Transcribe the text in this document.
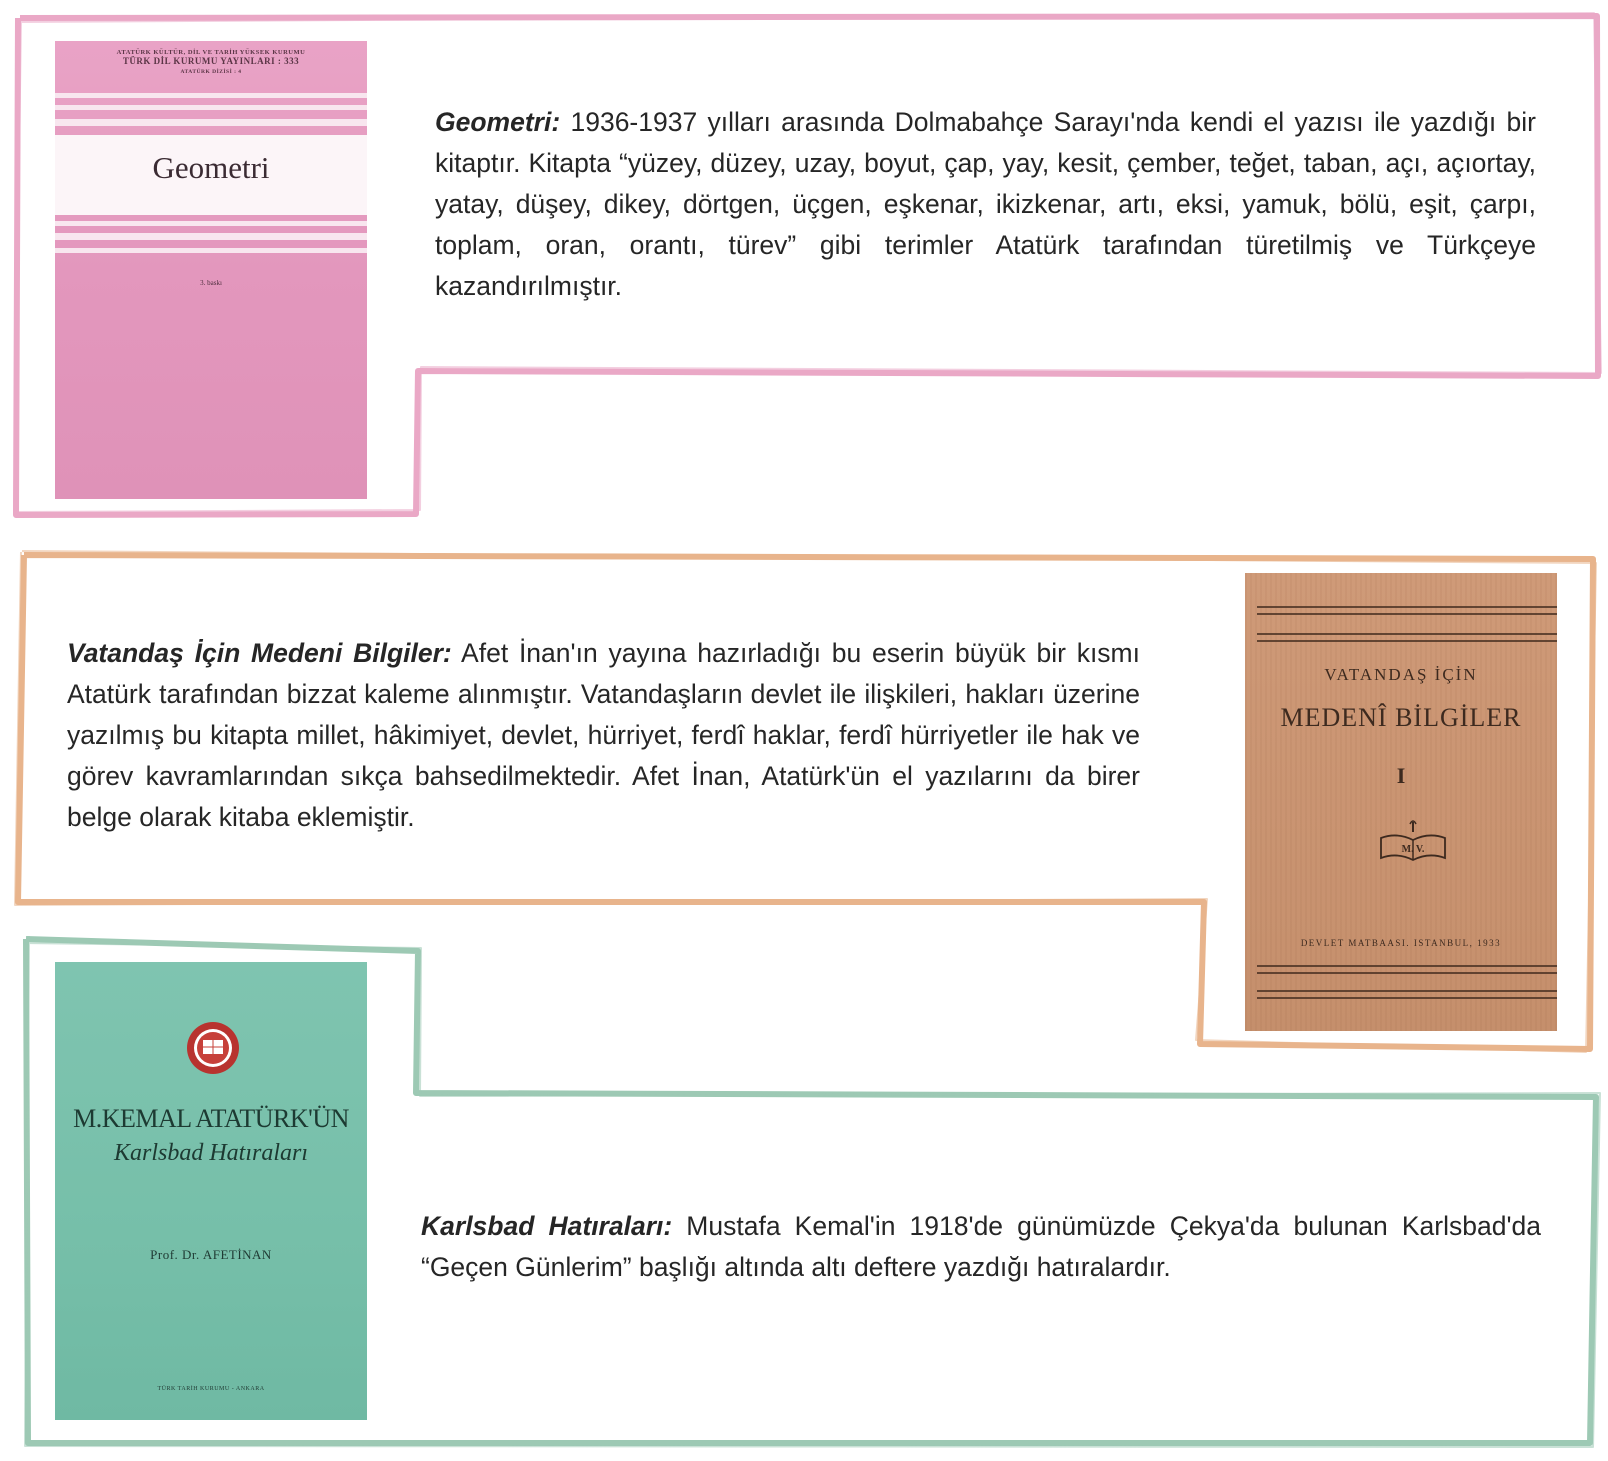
ATATÜRK KÜLTÜR, DİL VE TARİH YÜKSEK KURUMU
TÜRK DİL KURUMU YAYINLARI : 333
ATATÜRK DİZİSİ : 4
Geometri
3. baskı

Geometri: 1936-1937 yılları arasında Dolmabahçe Sarayı'nda kendi el yazısı ile yazdığı bir kitaptır. Kitapta “yüzey, düzey, uzay, boyut, çap, yay, kesit, çember, teğet, taban, açı, açıortay, yatay, düşey, dikey, dörtgen, üçgen, eşkenar, ikizkenar, artı, eksi, yamuk, bölü, eşit, çarpı, toplam, oran, orantı, türev” gibi terimler Atatürk tarafından türetilmiş ve Türkçeye kazandırılmıştır.

Vatandaş İçin Medeni Bilgiler: Afet İnan'ın yayına hazırladığı bu eserin büyük bir kısmı Atatürk tarafından bizzat kaleme alınmıştır. Vatandaşların devlet ile ilişkileri, hakları üzerine yazılmış bu kitapta millet, hâkimiyet, devlet, hürriyet, ferdî haklar, ferdî hürriyetler ile hak ve görev kavramlarından sıkça bahsedilmektedir. Afet İnan, Atatürk'ün el yazılarını da birer belge olarak kitaba eklemiştir.

VATANDAŞ İÇİN
MEDENÎ BİLGİLER
I
M. V.
DEVLET MATBAASI. ISTANBUL, 1933
M.KEMAL ATATÜRK'ÜN
Karlsbad Hatıraları
Prof. Dr. AFETİNAN
TÜRK TARİH KURUMU - ANKARA

Karlsbad Hatıraları: Mustafa Kemal'in 1918'de günümüzde Çekya'da bulunan Karlsbad'da “Geçen Günlerim” başlığı altında altı deftere yazdığı hatıralardır.
